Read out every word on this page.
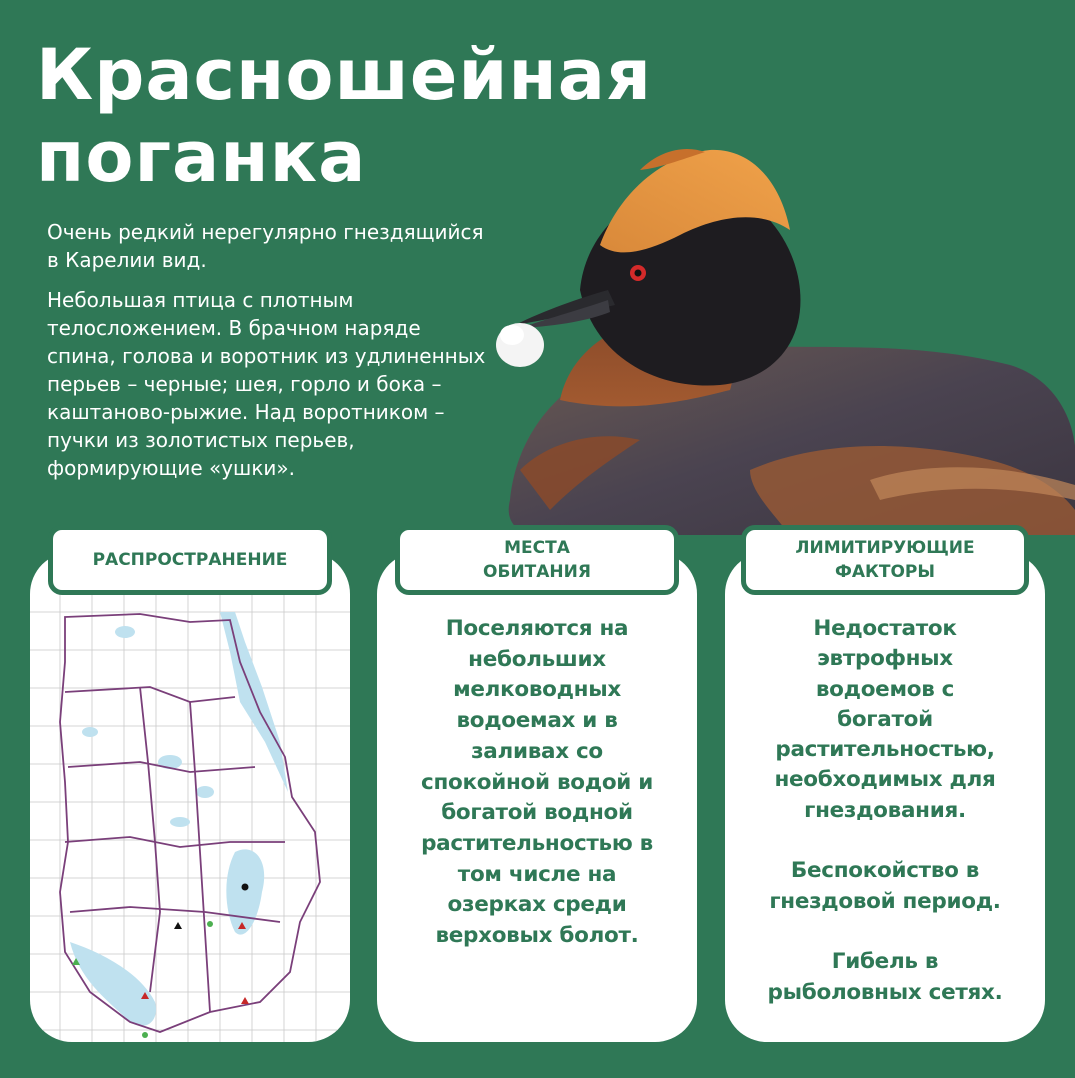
Красношейная
поганка

Очень редкий нерегулярно гнездящийся в Карелии вид.

Небольшая птица с плотным телосложением. В брачном наряде спина, голова и воротник из удлиненных перьев – черные; шея, горло и бока – каштаново-рыжие. Над воротником – пучки из золотистых перьев, формирующие «ушки».

Поселяются на
небольших
мелководных
водоемах и в
заливах со
спокойной водой и
богатой водной
растительностью в
том числе на
озерках среди
верховых болот.
Недостаток
эвтрофных
водоемов с
богатой
растительностью,
необходимых для
гнездования.

Беспокойство в
гнездовой период.

Гибель в
рыболовных сетях.
РАСПРОСТРАНЕНИЕ
МЕСТА
ОБИТАНИЯ
ЛИМИТИРУЮЩИЕ
ФАКТОРЫ
